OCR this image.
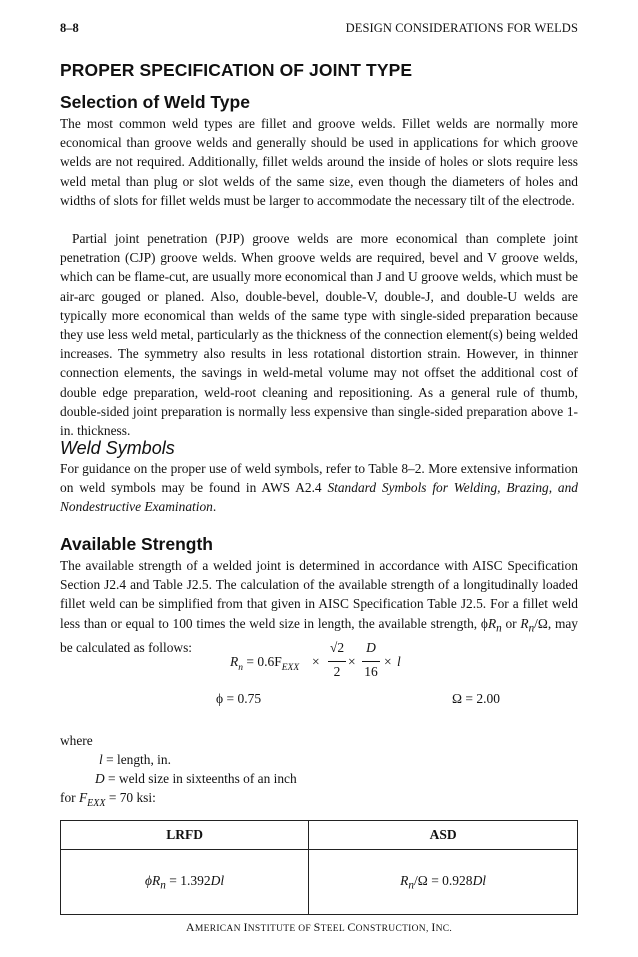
8–8	DESIGN CONSIDERATIONS FOR WELDS
PROPER SPECIFICATION OF JOINT TYPE
Selection of Weld Type

The most common weld types are fillet and groove welds. Fillet welds are normally more economical than groove welds and generally should be used in applications for which groove welds are not required. Additionally, fillet welds around the inside of holes or slots require less weld metal than plug or slot welds of the same size, even though the diameters of holes and widths of slots for fillet welds must be larger to accommodate the necessary tilt of the electrode.

Partial joint penetration (PJP) groove welds are more economical than complete joint penetration (CJP) groove welds. When groove welds are required, bevel and V groove welds, which can be flame-cut, are usually more economical than J and U groove welds, which must be air-arc gouged or planed. Also, double-bevel, double-V, double-J, and double-U welds are typically more economical than welds of the same type with single-sided preparation because they use less weld metal, particularly as the thickness of the connection element(s) being welded increases. The symmetry also results in less rotational distortion strain. However, in thinner connection elements, the savings in weld-metal volume may not offset the additional cost of double edge preparation, weld-root cleaning and repositioning. As a general rule of thumb, double-sided joint preparation is normally less expensive than single-sided preparation above 1-in. thickness.

Weld Symbols

For guidance on the proper use of weld symbols, refer to Table 8–2. More extensive information on weld symbols may be found in AWS A2.4 Standard Symbols for Welding, Brazing, and Nondestructive Examination.

Available Strength

The available strength of a welded joint is determined in accordance with AISC Specification Section J2.4 and Table J2.5. The calculation of the available strength of a longitudinally loaded fillet weld can be simplified from that given in AISC Specification Table J2.5. For a fillet weld less than or equal to 100 times the weld size in length, the available strength, $\phi R_n$ or $R_n/\Omega$, may be calculated as follows:

$R_n = 0.6F_{EXX}$ ×
√2
2
×
D
16
× l
ϕ = 0.75	Ω = 2.00
where
l = length, in.
D = weld size in sixteenths of an inch
for $F_{EXX} = 70$ ksi:
LRFD	ASD
$\phi R_n = 1.392Dl$	$R_n/\Omega = 0.928Dl$
AMERICAN INSTITUTE OF STEEL CONSTRUCTION, INC.
